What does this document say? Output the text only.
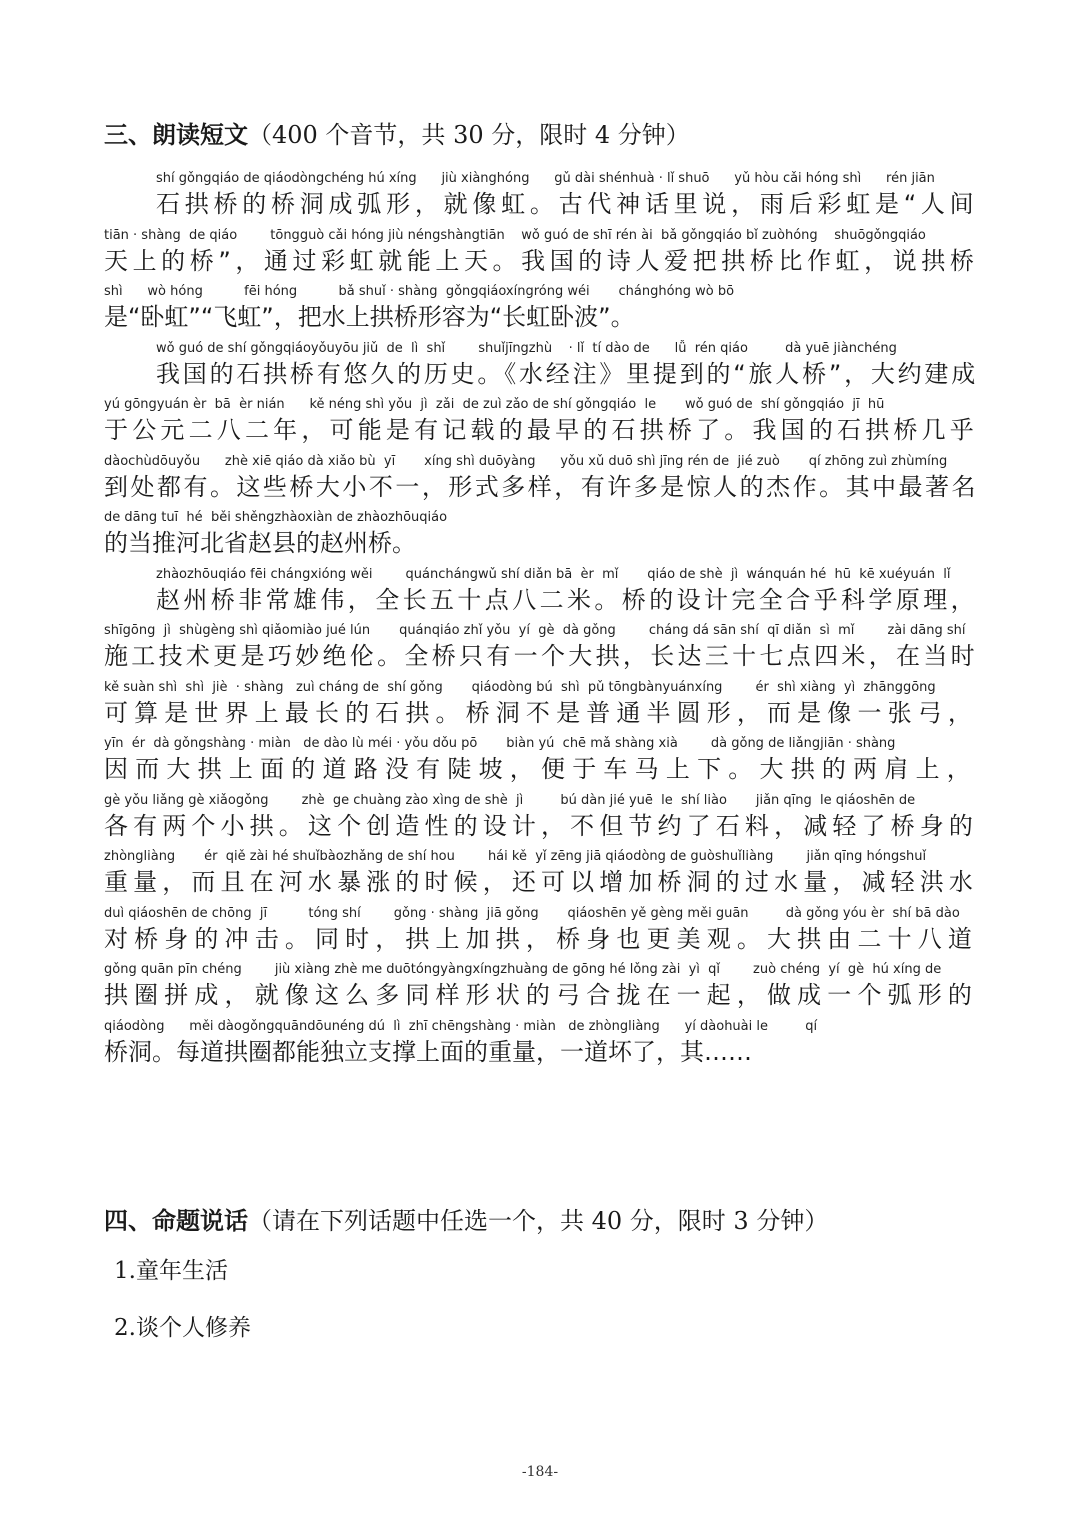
三、朗读短文（400 个音节，共 30 分，限时 4 分钟）
shí gǒngqiáo de qiáodòngchéng hú xíng      jiù xiànghóng      gǔ dài shénhuà · lǐ shuō      yǔ hòu cǎi hóng shì      rén jiān
石拱桥的桥洞成弧形，就像虹。古代神话里说，雨后彩虹是“人间
tiān · shàng  de qiáo        tōngguò cǎi hóng jiù néngshàngtiān    wǒ guó de shī rén ài  bǎ gǒngqiáo bǐ zuòhóng    shuōgǒngqiáo
天上的桥”，通过彩虹就能上天。我国的诗人爱把拱桥比作虹，说拱桥
shì      wò hóng          fēi hóng          bǎ shuǐ · shàng  gǒngqiáoxíngróng wéi       chánghóng wò bō
是“卧虹”“飞虹”，把水上拱桥形容为“长虹卧波”。
wǒ guó de shí gǒngqiáoyǒuyōu jiǔ  de  lì  shǐ        shuǐjīngzhù    · lǐ  tí dào de      lǚ  rén qiáo         dà yuē jiànchéng
我国的石拱桥有悠久的历史。《水经注》里提到的“旅人桥”，大约建成
yú gōngyuán èr  bā  èr nián      kě néng shì yǒu  jì  zǎi  de zuì zǎo de shí gǒngqiáo  le       wǒ guó de  shí gǒngqiáo  jī  hū
于公元二八二年，可能是有记载的最早的石拱桥了。我国的石拱桥几乎
dàochùdōuyǒu      zhè xiē qiáo dà xiǎo bù  yī       xíng shì duōyàng      yǒu xǔ duō shì jīng rén de  jié zuò       qí zhōng zuì zhùmíng
到处都有。这些桥大小不一，形式多样，有许多是惊人的杰作。其中最著名
de dāng tuī  hé  běi shěngzhàoxiàn de zhàozhōuqiáo
的当推河北省赵县的赵州桥。
zhàozhōuqiáo fēi chángxióng wěi        quánchángwǔ shí diǎn bā  èr  mǐ       qiáo de shè  jì  wánquán hé  hū  kē xuéyuán  lǐ
赵州桥非常雄伟，全长五十点八二米。桥的设计完全合乎科学原理，
shīgōng  jì  shùgèng shì qiǎomiào jué lún       quánqiáo zhǐ yǒu  yí  gè  dà gǒng        cháng dá sān shí  qī diǎn  sì  mǐ        zài dāng shí
施工技术更是巧妙绝伦。全桥只有一个大拱，长达三十七点四米，在当时
kě suàn shì  shì  jiè  · shàng   zuì cháng de  shí gǒng       qiáodòng bú  shì  pǔ tōngbànyuánxíng        ér  shì xiàng  yì  zhānggōng
可算是世界上最长的石拱。桥洞不是普通半圆形，而是像一张弓，
yīn  ér  dà gǒngshàng · miàn   de dào lù méi · yǒu dǒu pō       biàn yú  chē mǎ shàng xià        dà gǒng de liǎngjiān · shàng
因而大拱上面的道路没有陡坡，便于车马上下。大拱的两肩上，
gè yǒu liǎng gè xiǎogǒng        zhè  ge chuàng zào xìng de shè  jì         bú dàn jié yuē  le  shí liào       jiǎn qīng  le qiáoshēn de
各有两个小拱。这个创造性的设计，不但节约了石料，减轻了桥身的
zhòngliàng       ér  qiě zài hé shuǐbàozhǎng de shí hou        hái kě  yǐ zēng jiā qiáodòng de guòshuǐliàng        jiǎn qīng hóngshuǐ
重量，而且在河水暴涨的时候，还可以增加桥洞的过水量，减轻洪水
duì qiáoshēn de chōng  jī          tóng shí        gǒng · shàng  jiā gǒng       qiáoshēn yě gèng měi guān         dà gǒng yóu èr  shí bā dào
对桥身的冲击。同时，拱上加拱，桥身也更美观。大拱由二十八道
gǒng quān pīn chéng        jiù xiàng zhè me duōtóngyàngxíngzhuàng de gōng hé lǒng zài  yì  qǐ        zuò chéng  yí  gè  hú xíng de
拱圈拼成，就像这么多同样形状的弓合拢在一起，做成一个弧形的
qiáodòng      měi dàogǒngquāndōunéng dú  lì  zhī chēngshàng · miàn   de zhòngliàng      yí dàohuài le         qí
桥洞。每道拱圈都能独立支撑上面的重量，一道坏了，其……
四、命题说话（请在下列话题中任选一个，共 40 分，限时 3 分钟）
1.童年生活
2.谈个人修养
-184-
